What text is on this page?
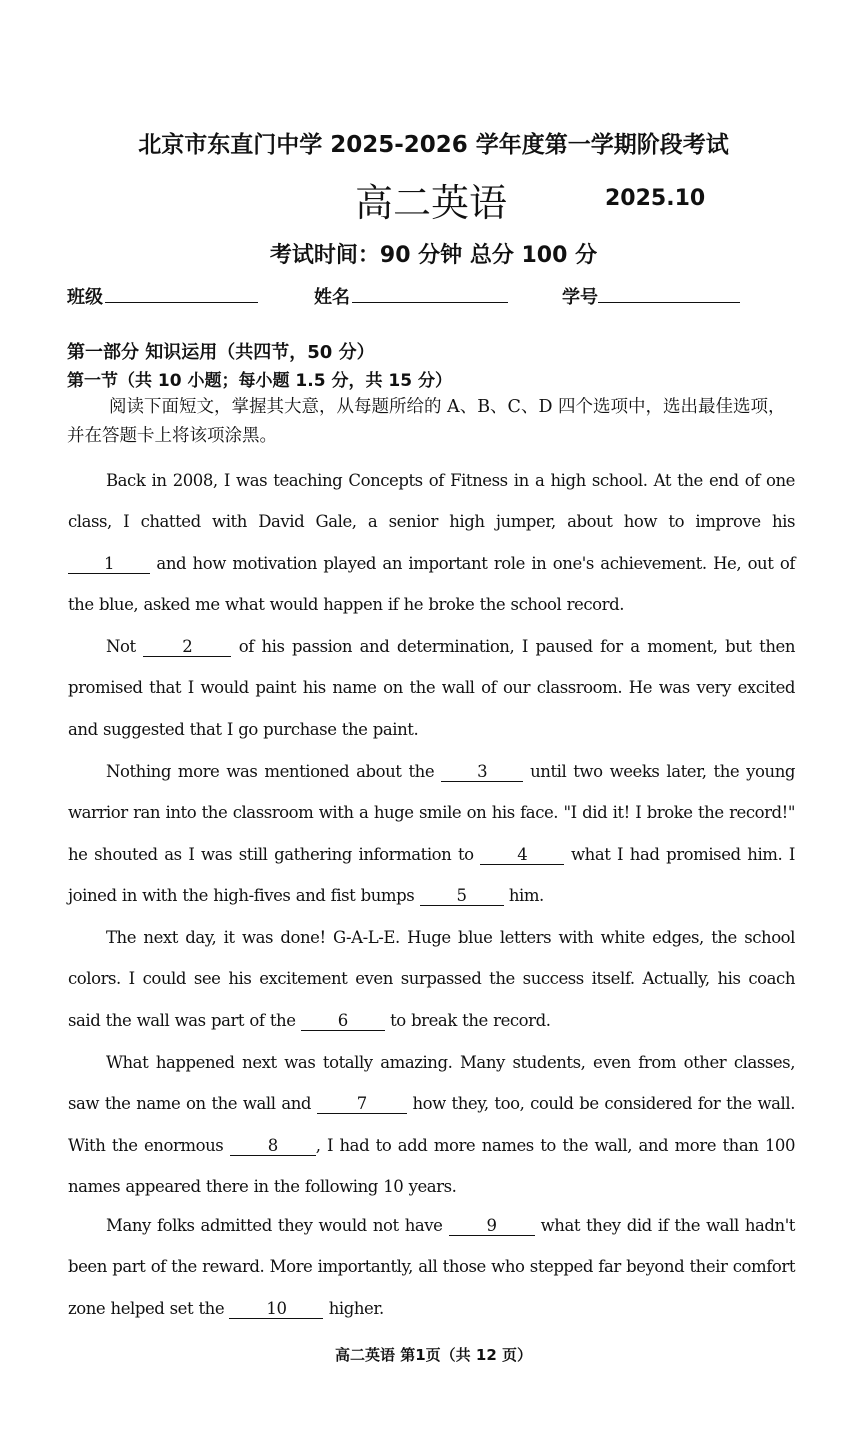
北京市东直门中学 2025-2026 学年度第一学期阶段考试
高二英语	2025.10
考试时间：90 分钟 总分 100 分
班级	姓名	学号
第一部分 知识运用（共四节，50 分）
第一节（共 10 小题；每小题 1.5 分，共 15 分）
阅读下面短文，掌握其大意，从每题所给的 A、B、C、D 四个选项中，选出最佳选项，并在答题卡上将该项涂黑。
Back in 2008, I was teaching Concepts of Fitness in a high school. At the end of one class, I chatted with David Gale, a senior high jumper, about how to improve his 1 and how motivation played an important role in one's achievement. He, out of the blue, asked me what would happen if he broke the school record.
Not 2 of his passion and determination, I paused for a moment, but then promised that I would paint his name on the wall of our classroom. He was very excited and suggested that I go purchase the paint.
Nothing more was mentioned about the 3 until two weeks later, the young warrior ran into the classroom with a huge smile on his face. "I did it! I broke the record!" he shouted as I was still gathering information to 4 what I had promised him. I joined in with the high-fives and fist bumps 5 him.
The next day, it was done! G-A-L-E. Huge blue letters with white edges, the school colors. I could see his excitement even surpassed the success itself. Actually, his coach said the wall was part of the 6 to break the record.
What happened next was totally amazing. Many students, even from other classes, saw the name on the wall and 7 how they, too, could be considered for the wall. With the enormous 8 , I had to add more names to the wall, and more than 100 names appeared there in the following 10 years.
Many folks admitted they would not have 9 what they did if the wall hadn't been part of the reward. More importantly, all those who stepped far beyond their comfort zone helped set the 10 higher.
高二英语 第1页（共 12 页）
